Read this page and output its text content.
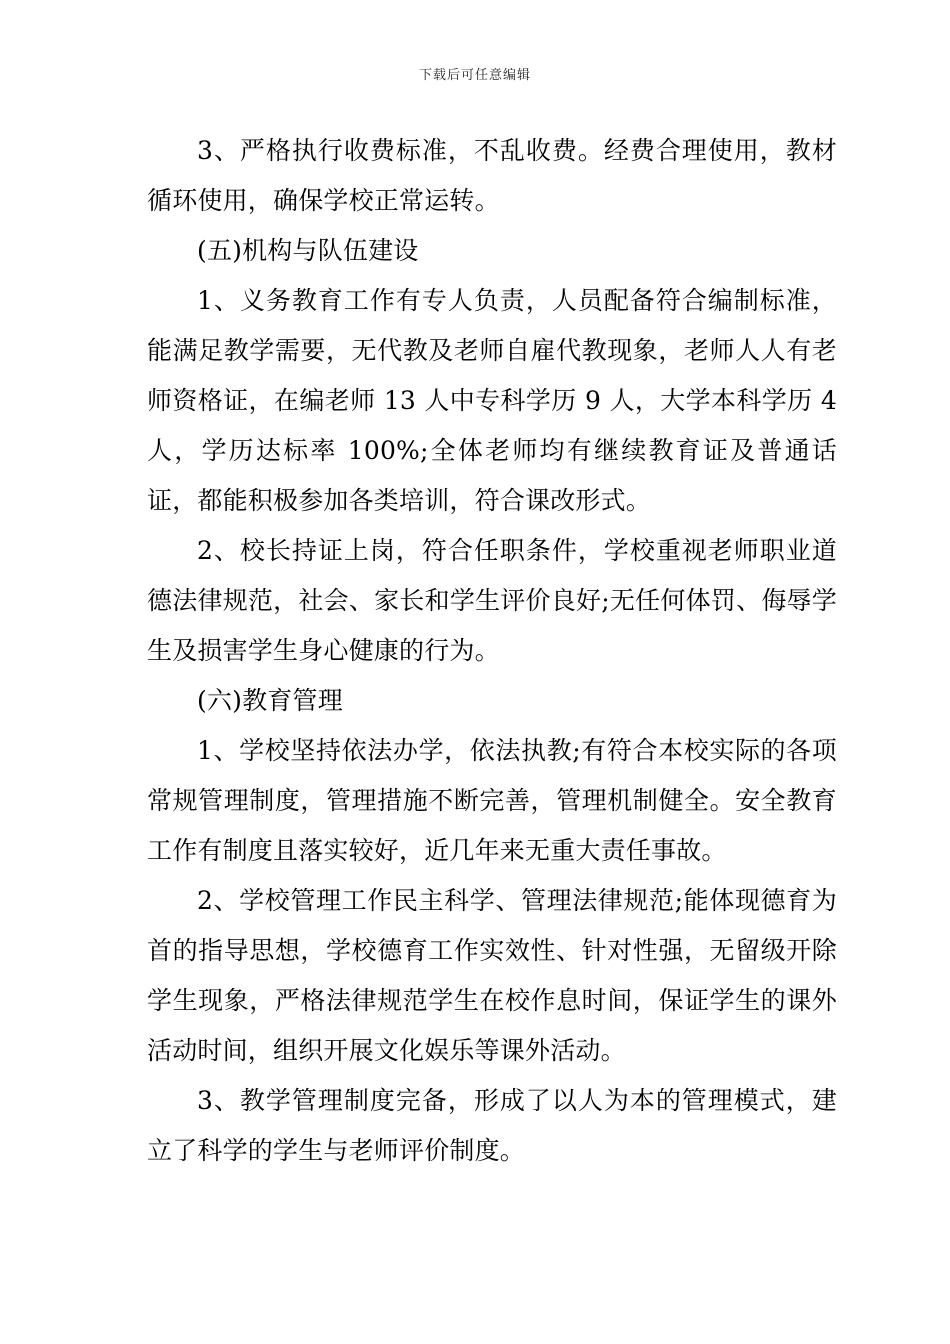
下载后可任意编辑

3、严格执行收费标准，不乱收费。经费合理使用，教材循环使用，确保学校正常运转。

(五)机构与队伍建设

1、义务教育工作有专人负责，人员配备符合编制标准，能满足教学需要，无代教及老师自雇代教现象，老师人人有老师资格证，在编老师 13 人中专科学历 9 人，大学本科学历 4 人，学历达标率 100%;全体老师均有继续教育证及普通话证，都能积极参加各类培训，符合课改形式。

2、校长持证上岗，符合任职条件，学校重视老师职业道德法律规范，社会、家长和学生评价良好;无任何体罚、侮辱学生及损害学生身心健康的行为。

(六)教育管理

1、学校坚持依法办学，依法执教;有符合本校实际的各项常规管理制度，管理措施不断完善，管理机制健全。安全教育工作有制度且落实较好，近几年来无重大责任事故。

2、学校管理工作民主科学、管理法律规范;能体现德育为首的指导思想，学校德育工作实效性、针对性强，无留级开除学生现象，严格法律规范学生在校作息时间，保证学生的课外活动时间，组织开展文化娱乐等课外活动。

3、教学管理制度完备，形成了以人为本的管理模式，建立了科学的学生与老师评价制度。
